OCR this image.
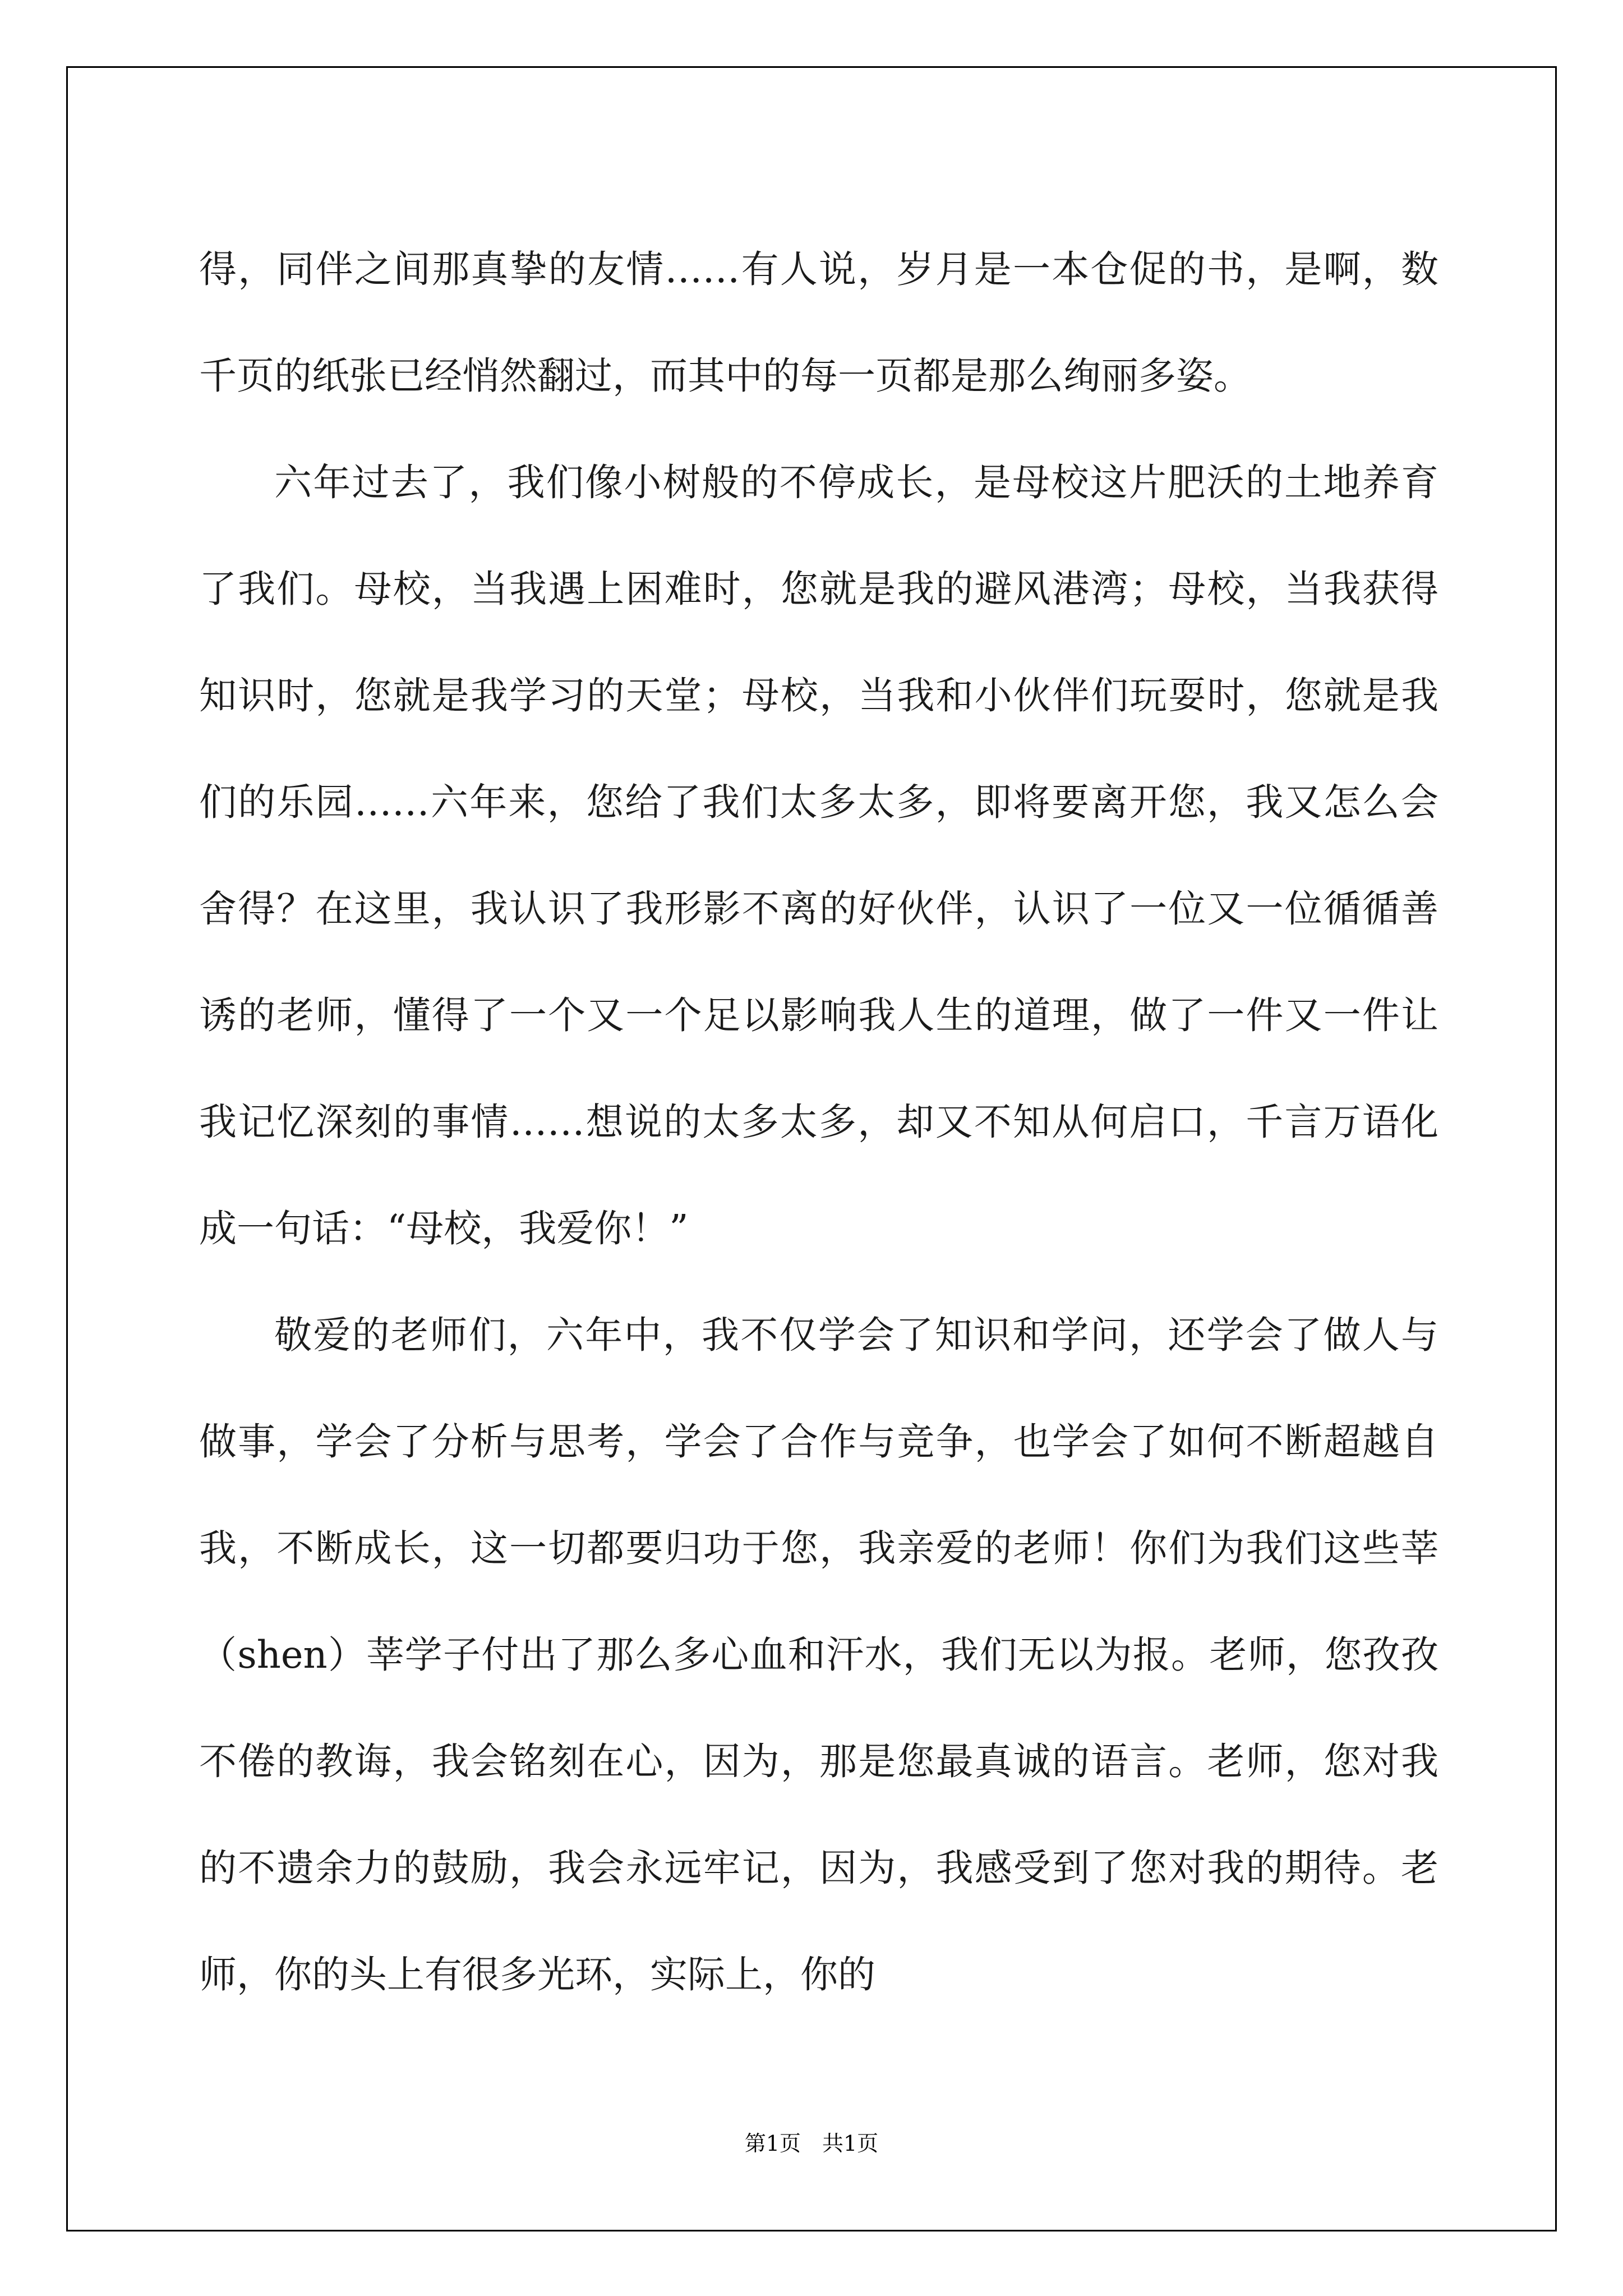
得，同伴之间那真挚的友情……有人说，岁月是一本仓促的书，是啊，数千页的纸张已经悄然翻过，而其中的每一页都是那么绚丽多姿。

六年过去了，我们像小树般的不停成长，是母校这片肥沃的土地养育了我们。母校，当我遇上困难时，您就是我的避风港湾；母校，当我获得知识时，您就是我学习的天堂；母校，当我和小伙伴们玩耍时，您就是我们的乐园……六年来，您给了我们太多太多，即将要离开您，我又怎么会舍得？在这里，我认识了我形影不离的好伙伴，认识了一位又一位循循善诱的老师，懂得了一个又一个足以影响我人生的道理，做了一件又一件让我记忆深刻的事情……想说的太多太多，却又不知从何启口，千言万语化成一句话：“母校，我爱你！”

敬爱的老师们，六年中，我不仅学会了知识和学问，还学会了做人与做事，学会了分析与思考，学会了合作与竞争，也学会了如何不断超越自我，不断成长，这一切都要归功于您，我亲爱的老师！你们为我们这些莘（shen）莘学子付出了那么多心血和汗水，我们无以为报。老师，您孜孜不倦的教诲，我会铭刻在心，因为，那是您最真诚的语言。老师，您对我的不遗余力的鼓励，我会永远牢记，因为，我感受到了您对我的期待。老师，你的头上有很多光环，实际上，你的

第1页 共1页
